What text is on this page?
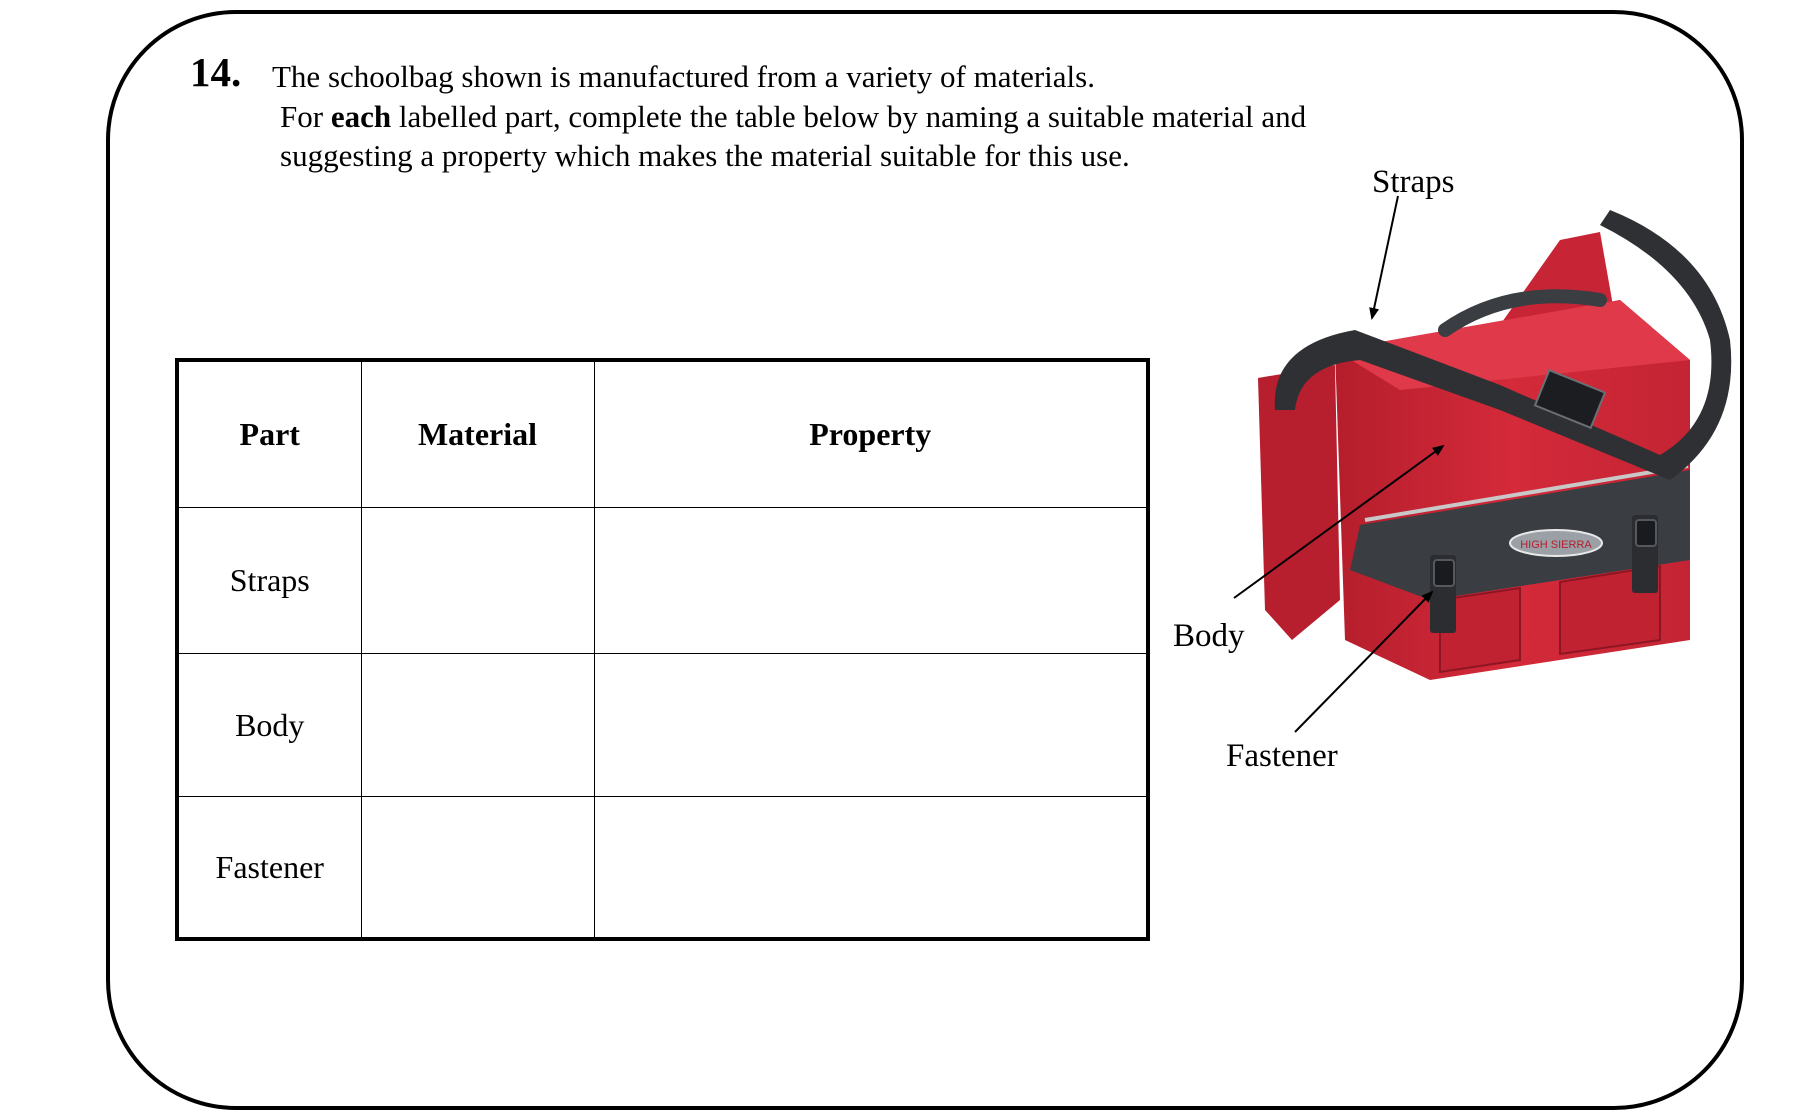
14. The schoolbag shown is manufactured from a variety of materials.
For each labelled part, complete the table below by naming a suitable material and
suggesting a property which makes the material suitable for this use.
Part	Material	Property
Straps		
Body		
Fastener		
HIGH SIERRA
Straps
Body
Fastener
